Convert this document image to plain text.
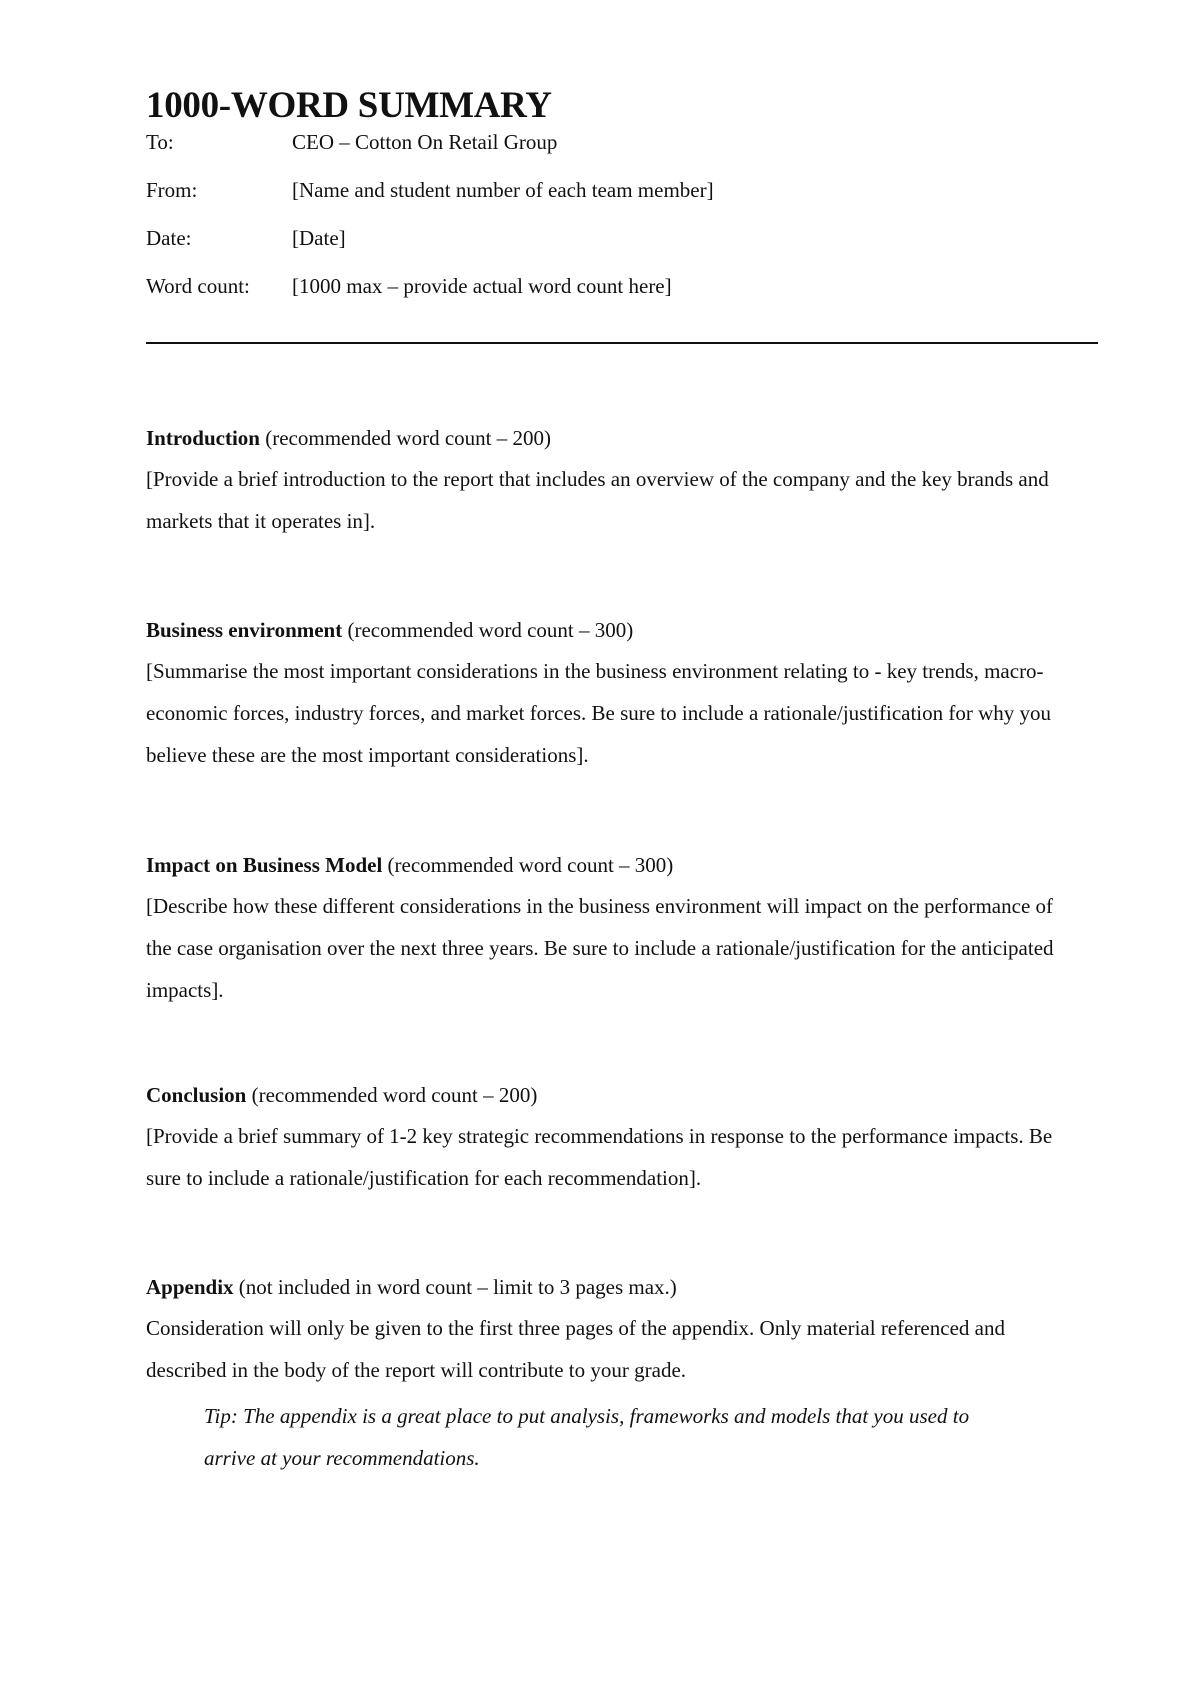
1000-WORD SUMMARY
To:	CEO – Cotton On Retail Group
From:	[Name and student number of each team member]
Date:	[Date]
Word count: [1000 max – provide actual word count here]

Introduction (recommended word count – 200)

[Provide a brief introduction to the report that includes an overview of the company and the key brands and markets that it operates in].

Business environment (recommended word count – 300)

[Summarise the most important considerations in the business environment relating to - key trends, macro-economic forces, industry forces, and market forces. Be sure to include a rationale/justification for why you believe these are the most important considerations].

Impact on Business Model (recommended word count – 300)

[Describe how these different considerations in the business environment will impact on the performance of the case organisation over the next three years. Be sure to include a rationale/justification for the anticipated impacts].

Conclusion (recommended word count – 200)

[Provide a brief summary of 1-2 key strategic recommendations in response to the performance impacts. Be sure to include a rationale/justification for each recommendation].

Appendix (not included in word count – limit to 3 pages max.)

Consideration will only be given to the first three pages of the appendix. Only material referenced and described in the body of the report will contribute to your grade.

Tip: The appendix is a great place to put analysis, frameworks and models that you used to arrive at your recommendations.
